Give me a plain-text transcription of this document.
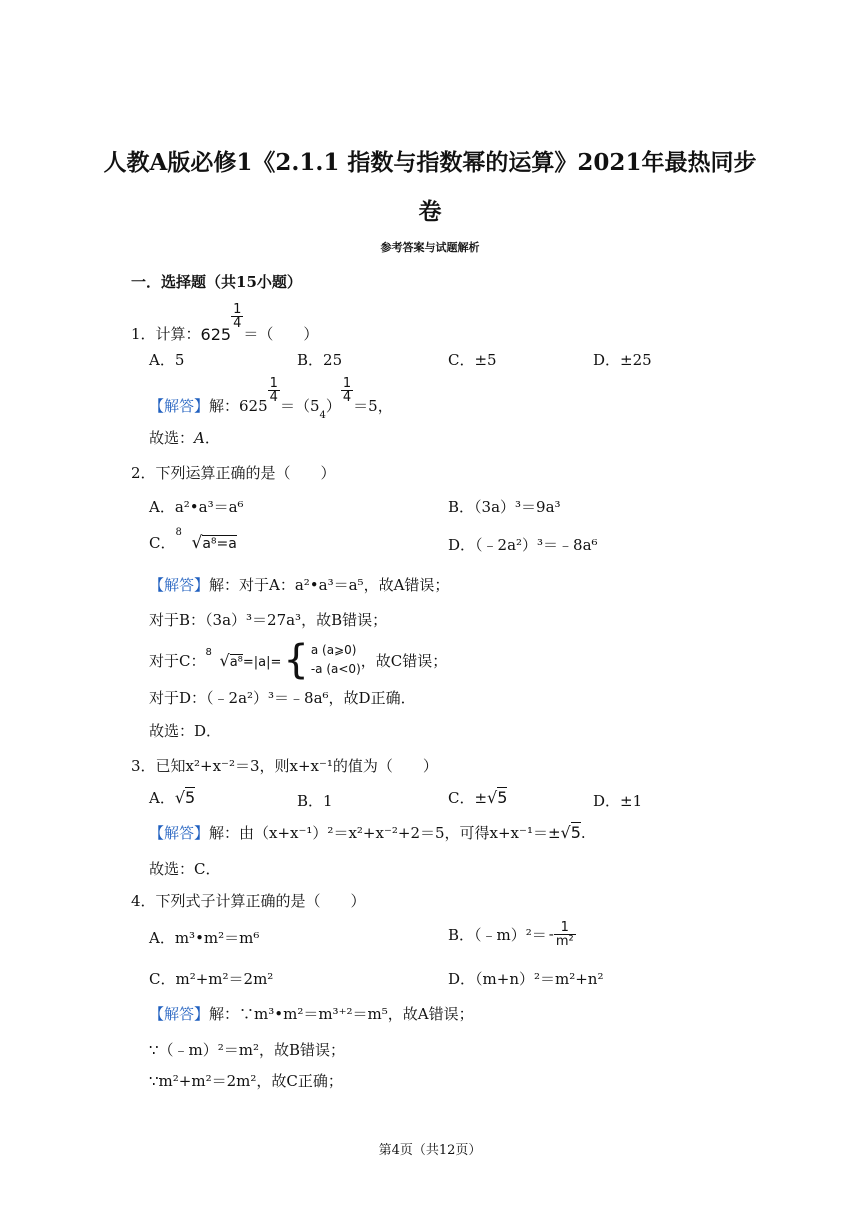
人教A版必修1《2.1.1 指数与指数幂的运算》2021年最热同步
卷
参考答案与试题解析
一．选择题（共15小题）
1．计算： 625
$\frac{1}{4}$
＝（　　）
A．5	B．25	C．±5	D．±25
【解答】 解：625
$\frac{1}{4}$
＝（5
4
）
$\frac{1}{4}$
＝5，
故选：A．
2．下列运算正确的是（　　）
A．a²•a³＝a⁶	B．（3a）³＝9a³
C．
8
√a⁸=a	D．（﹣2a²）³＝﹣8a⁶
【解答】解：对于A：a²•a³＝a⁵，故A错误；
对于B：（3a）³＝27a³，故B错误；
对于C： 8 √a⁸=|a|= { a (a⩾0)
-a (a<0) ，故C错误；
对于D：（﹣2a²）³＝﹣8a⁶，故D正确．
故选：D．
3．已知x²+x⁻²＝3，则x+x⁻¹的值为（　　）
A．√5	B．1	C．±√5	D．±1
【解答】解：由（x+x⁻¹）²＝x²+x⁻²+2＝5，可得x+x⁻¹＝±√5.
故选：C．
4．下列式子计算正确的是（　　）
A．m³•m²＝m⁶	B．（﹣m）²＝ - $\frac{1}{\text{m²}}$
C．m²+m²＝2m²	D．（m+n）²＝m²+n²
【解答】解：∵m³•m²＝m³⁺²＝m⁵，故A错误；
∵（﹣m）²＝m²，故B错误；
∵m²+m²＝2m²，故C正确；
第4页（共12页）
